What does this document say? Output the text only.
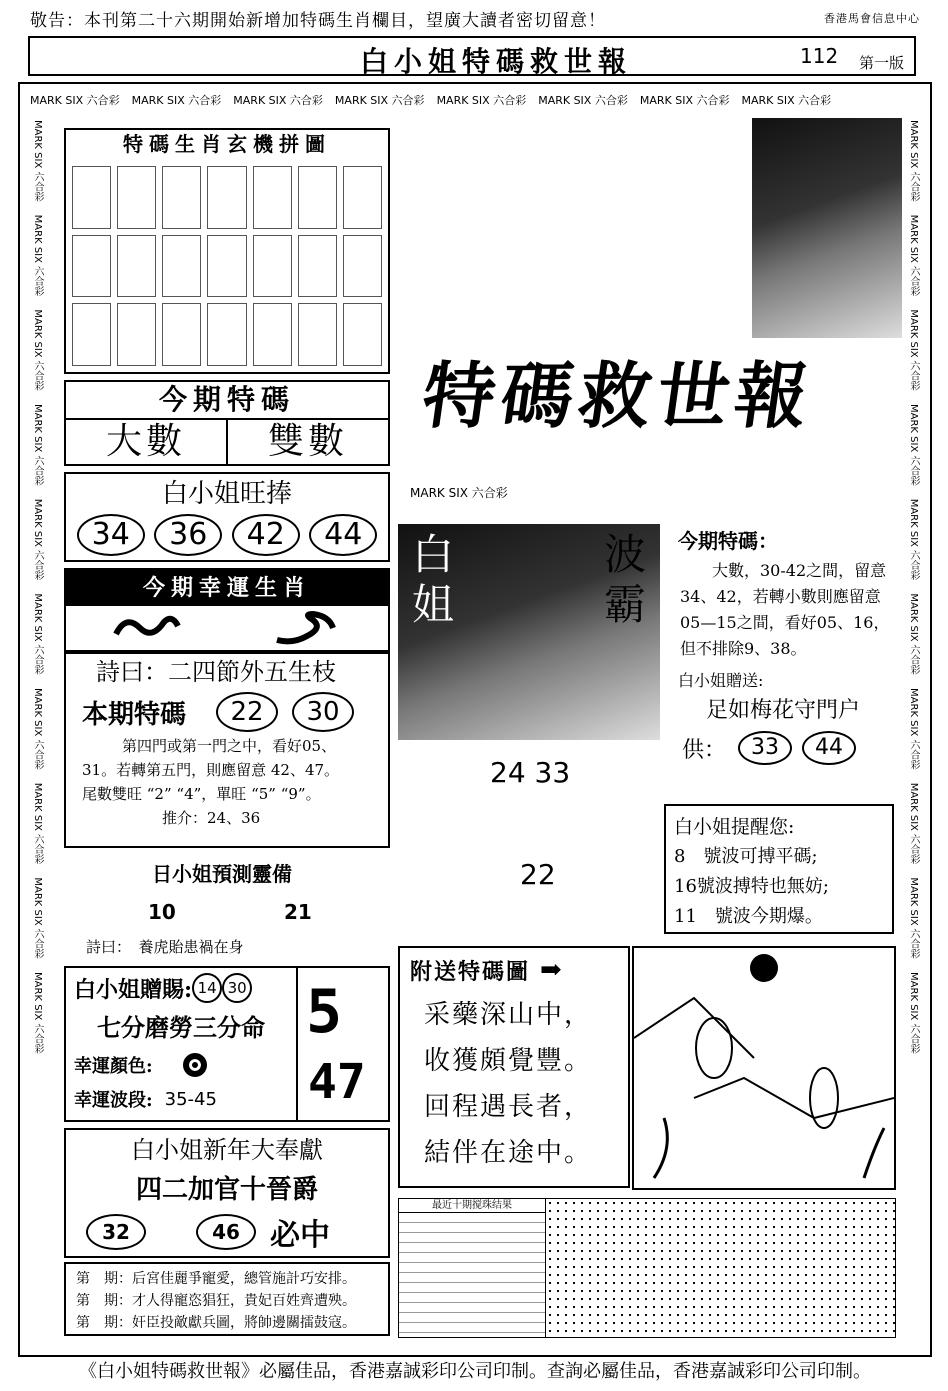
敬告：本刊第二十六期開始新增加特碼生肖欄目，望廣大讀者密切留意！	香港馬會信息中心
白小姐特碼救世報	112 第一版
MARK SIX 六合彩 MARK SIX 六合彩 MARK SIX 六合彩 MARK SIX 六合彩 MARK SIX 六合彩 MARK SIX 六合彩 MARK SIX 六合彩 MARK SIX 六合彩
MARK SIX 六合彩　 MARK SIX 六合彩　 MARK SIX 六合彩　 MARK SIX 六合彩　 MARK SIX 六合彩　 MARK SIX 六合彩　 MARK SIX 六合彩　 MARK SIX 六合彩　 MARK SIX 六合彩　 MARK SIX 六合彩
MARK SIX 六合彩　 MARK SIX 六合彩　 MARK SIX 六合彩　 MARK SIX 六合彩　 MARK SIX 六合彩　 MARK SIX 六合彩　 MARK SIX 六合彩　 MARK SIX 六合彩　 MARK SIX 六合彩　 MARK SIX 六合彩
特碼生肖玄機拼圖
今期特碼
大數	雙數
白小姐旺捧
34	36	42	44
今期幸運生肖
詩曰：二四節外五生枝
本期特碼	22	30
第四門或第一門之中，看好05、
31。若轉第五門，則應留意 42、47。
尾數雙旺 “2” “4”，單旺 “5” “9”。
推介：24、36
日小姐預測靈備
10	21
詩曰：　養虎貽患禍在身
白小姐贈賜: 14 30
七分磨勞三分命
幸運顏色:
幸運波段: 35-45
5
47
白小姐新年大奉獻
四二加官十晉爵
32	46	必中
第　期：后宮佳麗爭寵愛，總管施計巧安排。
第　期：才人得寵恣猖狂，貴妃百姓齊遭殃。
第　期：奸臣投敵獻兵圖，將帥邊關擂鼓寇。
特碼救世報
MARK SIX 六合彩
白姐
波霸
24 33
22
今期特碼：
大數，30-42之間，留意34、42，若轉小數則應留意05—15之間，看好05、16，但不排除9、38。
白小姐贈送:
足如梅花守門户
供：	33	44
白小姐提醒您:
8　號波可搏平碼;
16號波搏特也無妨;
11　號波今期爆。
附送特碼圖 ➡
采藥深山中，
收獲頗覺豐。
回程遇長者，
結伴在途中。
最近十期搅珠结果
《白小姐特碼救世報》必屬佳品，香港嘉誠彩印公司印制。查詢必屬佳品，香港嘉誠彩印公司印制。
